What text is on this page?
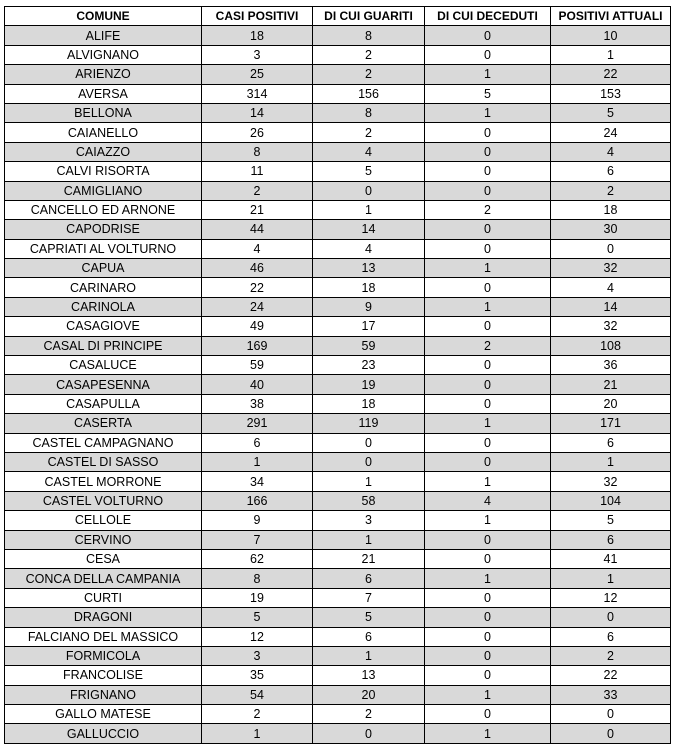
COMUNE	CASI POSITIVI	DI CUI GUARITI	DI CUI DECEDUTI	POSITIVI ATTUALI
ALIFE	18	8	0	10
ALVIGNANO	3	2	0	1
ARIENZO	25	2	1	22
AVERSA	314	156	5	153
BELLONA	14	8	1	5
CAIANELLO	26	2	0	24
CAIAZZO	8	4	0	4
CALVI RISORTA	11	5	0	6
CAMIGLIANO	2	0	0	2
CANCELLO ED ARNONE	21	1	2	18
CAPODRISE	44	14	0	30
CAPRIATI AL VOLTURNO	4	4	0	0
CAPUA	46	13	1	32
CARINARO	22	18	0	4
CARINOLA	24	9	1	14
CASAGIOVE	49	17	0	32
CASAL DI PRINCIPE	169	59	2	108
CASALUCE	59	23	0	36
CASAPESENNA	40	19	0	21
CASAPULLA	38	18	0	20
CASERTA	291	119	1	171
CASTEL CAMPAGNANO	6	0	0	6
CASTEL DI SASSO	1	0	0	1
CASTEL MORRONE	34	1	1	32
CASTEL VOLTURNO	166	58	4	104
CELLOLE	9	3	1	5
CERVINO	7	1	0	6
CESA	62	21	0	41
CONCA DELLA CAMPANIA	8	6	1	1
CURTI	19	7	0	12
DRAGONI	5	5	0	0
FALCIANO DEL MASSICO	12	6	0	6
FORMICOLA	3	1	0	2
FRANCOLISE	35	13	0	22
FRIGNANO	54	20	1	33
GALLO MATESE	2	2	0	0
GALLUCCIO	1	0	1	0
